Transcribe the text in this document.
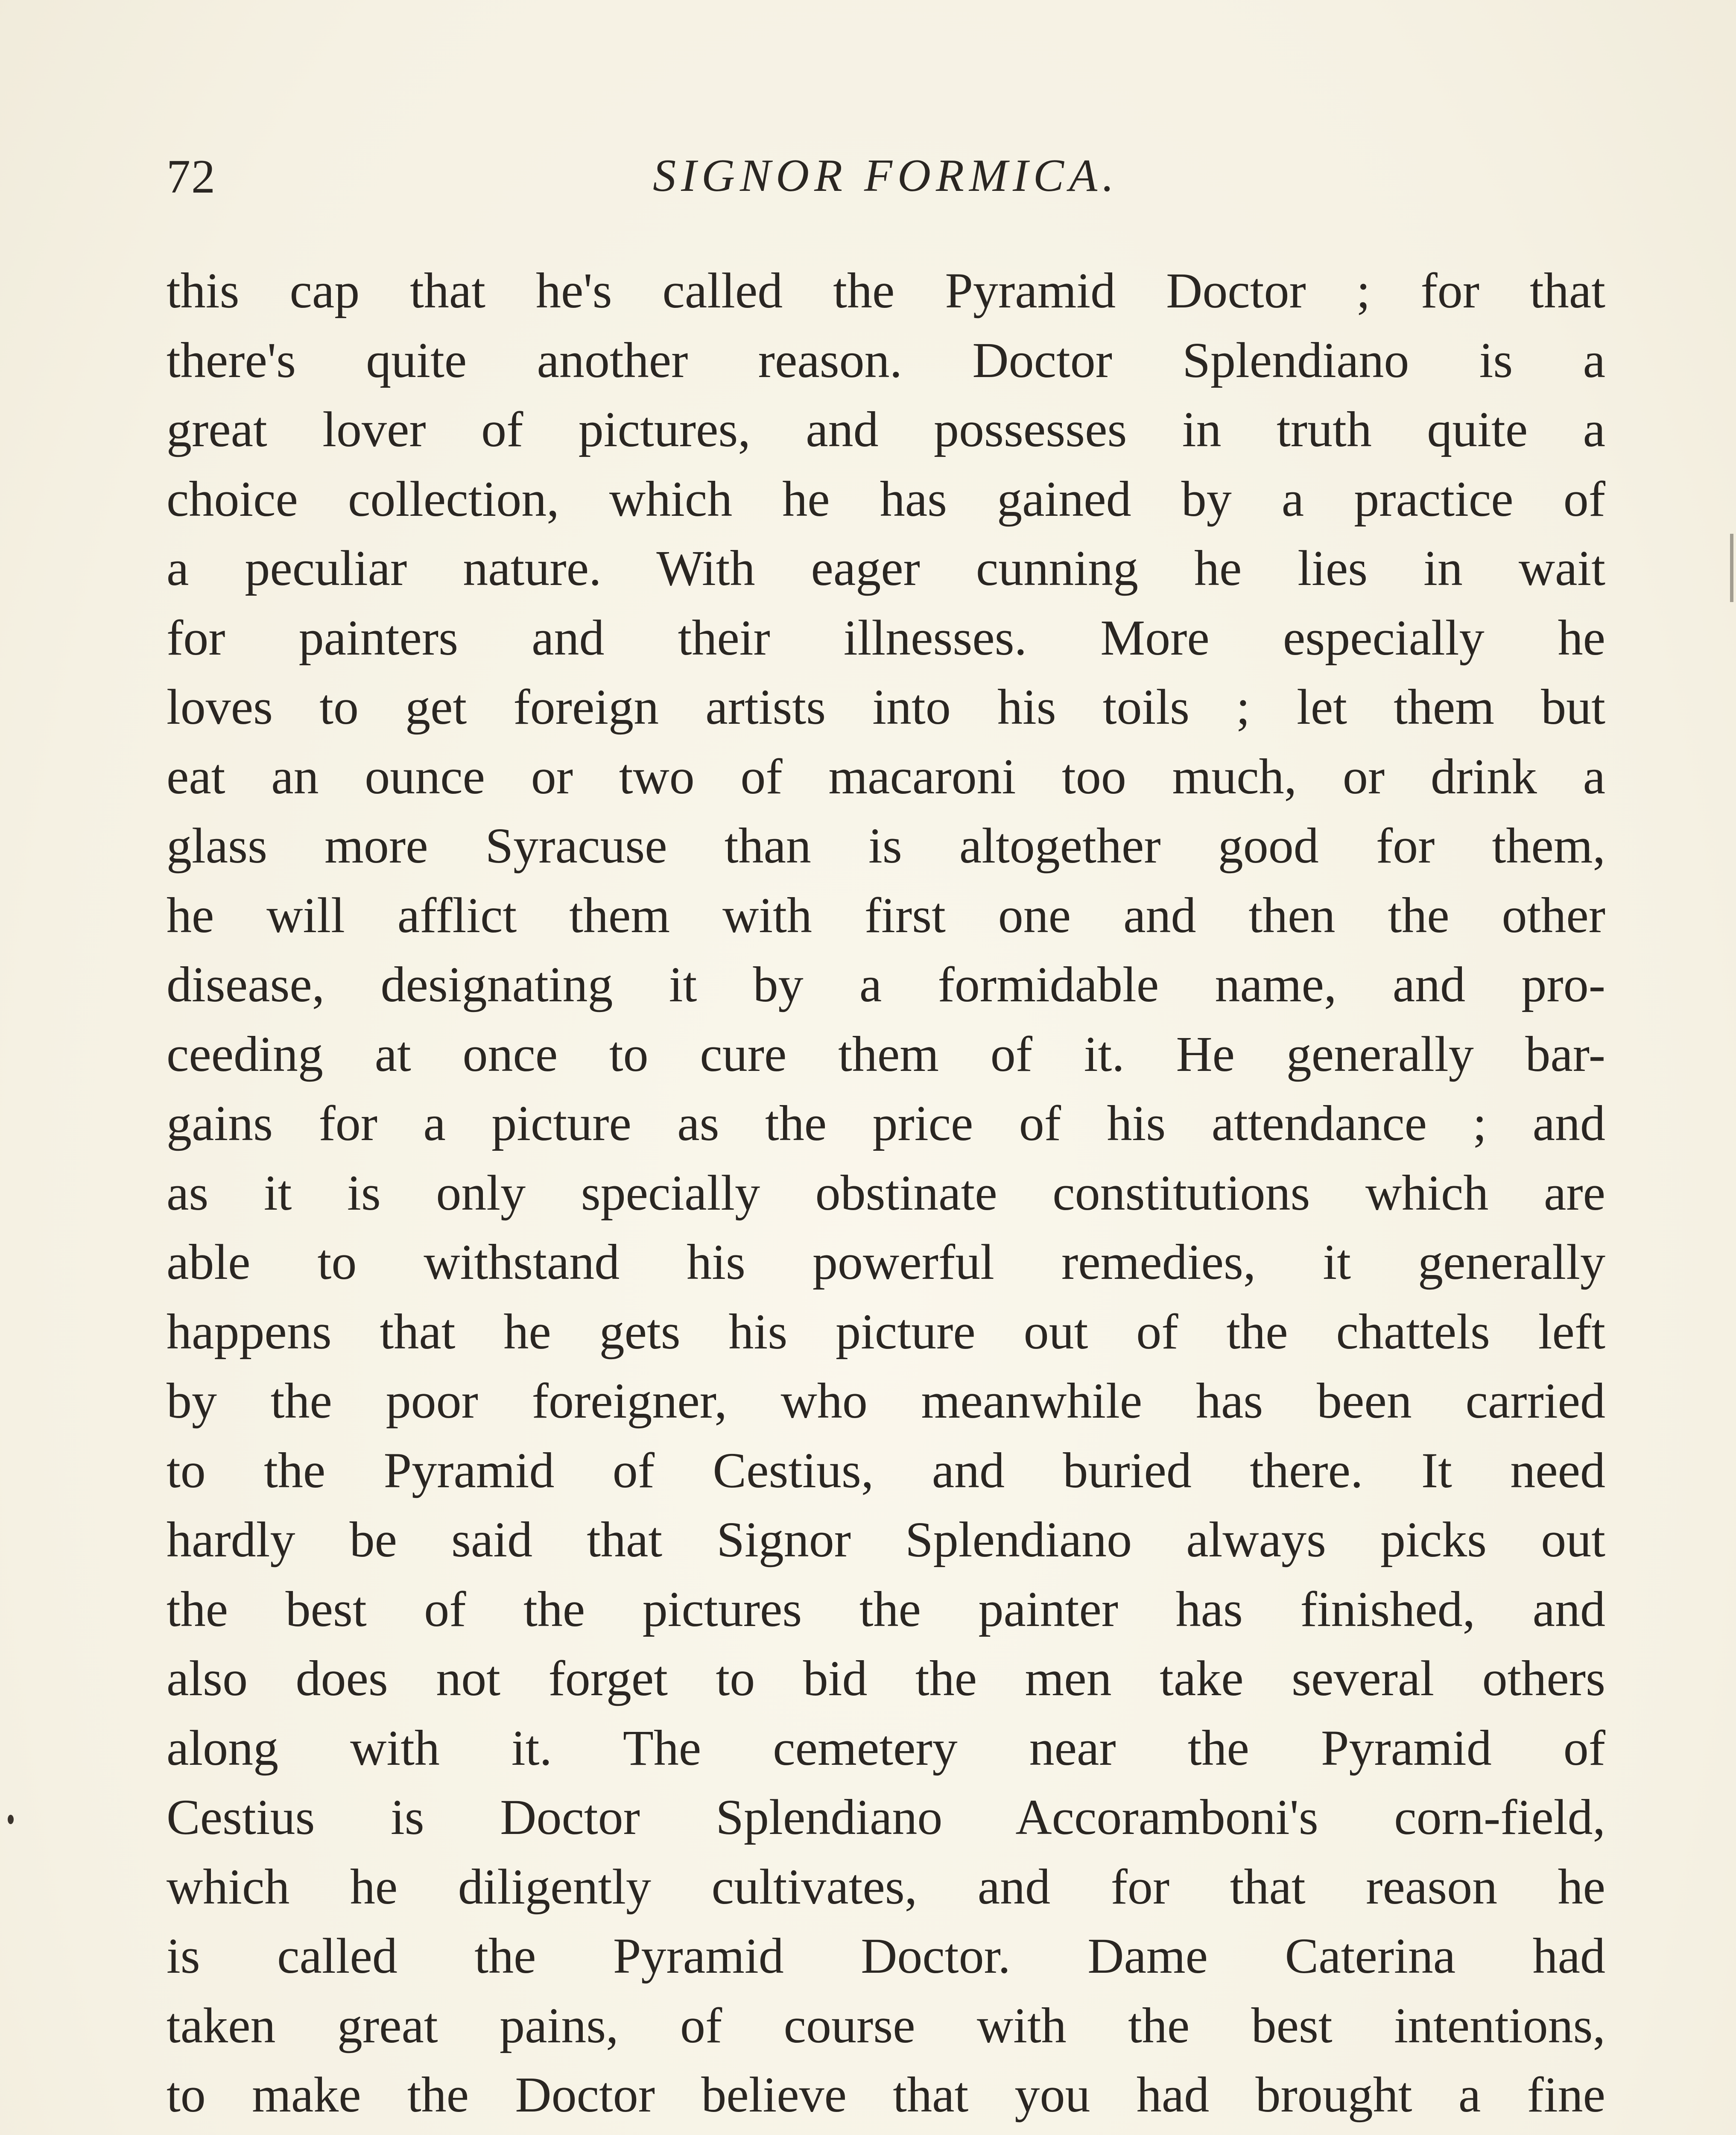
72	SIGNOR FORMICA.
this cap that he's called the Pyramid Doctor ; for that
there's quite another reason. Doctor Splendiano is a
great lover of pictures, and possesses in truth quite a
choice collection, which he has gained by a practice of
a peculiar nature. With eager cunning he lies in wait
for painters and their illnesses. More especially he
loves to get foreign artists into his toils ; let them but
eat an ounce or two of macaroni too much, or drink a
glass more Syracuse than is altogether good for them,
he will afflict them with first one and then the other
disease, designating it by a formidable name, and pro-
ceeding at once to cure them of it. He generally bar-
gains for a picture as the price of his attendance ; and
as it is only specially obstinate constitutions which are
able to withstand his powerful remedies, it generally
happens that he gets his picture out of the chattels left
by the poor foreigner, who meanwhile has been carried
to the Pyramid of Cestius, and buried there. It need
hardly be said that Signor Splendiano always picks out
the best of the pictures the painter has finished, and
also does not forget to bid the men take several others
along with it. The cemetery near the Pyramid of
Cestius is Doctor Splendiano Accoramboni's corn-field,
which he diligently cultivates, and for that reason he
is called the Pyramid Doctor. Dame Caterina had
taken great pains, of course with the best intentions,
to make the Doctor believe that you had brought a fine
